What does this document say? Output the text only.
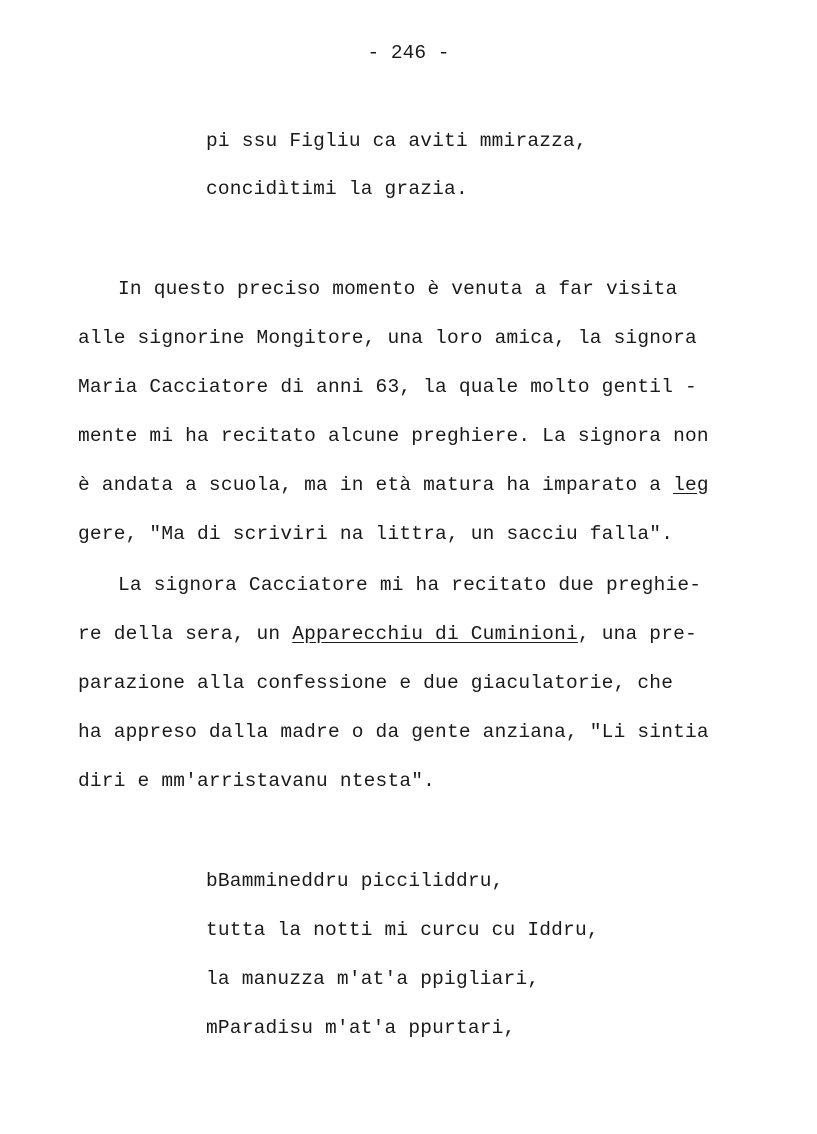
- 246 -
pi ssu Figliu ca aviti mmirazza,
concidìtimi la grazia.
In questo preciso momento è venuta a far visita
alle signorine Mongitore, una loro amica, la signora
Maria Cacciatore di anni 63, la quale molto gentil -
mente mi ha recitato alcune preghiere. La signora non
è andata a scuola, ma in età matura ha imparato a leg
gere, "Ma di scriviri na littra, un sacciu falla".
La signora Cacciatore mi ha recitato due preghie-
re della sera, un Apparecchiu di Cuminioni, una pre-
parazione alla confessione e due giaculatorie, che
ha appreso dalla madre o da gente anziana, "Li sintia
diri e mm'arristavanu ntesta".
bBammineddru picciliddru,
tutta la notti mi curcu cu Iddru,
la manuzza m'at'a ppigliari,
mParadisu m'at'a ppurtari,
